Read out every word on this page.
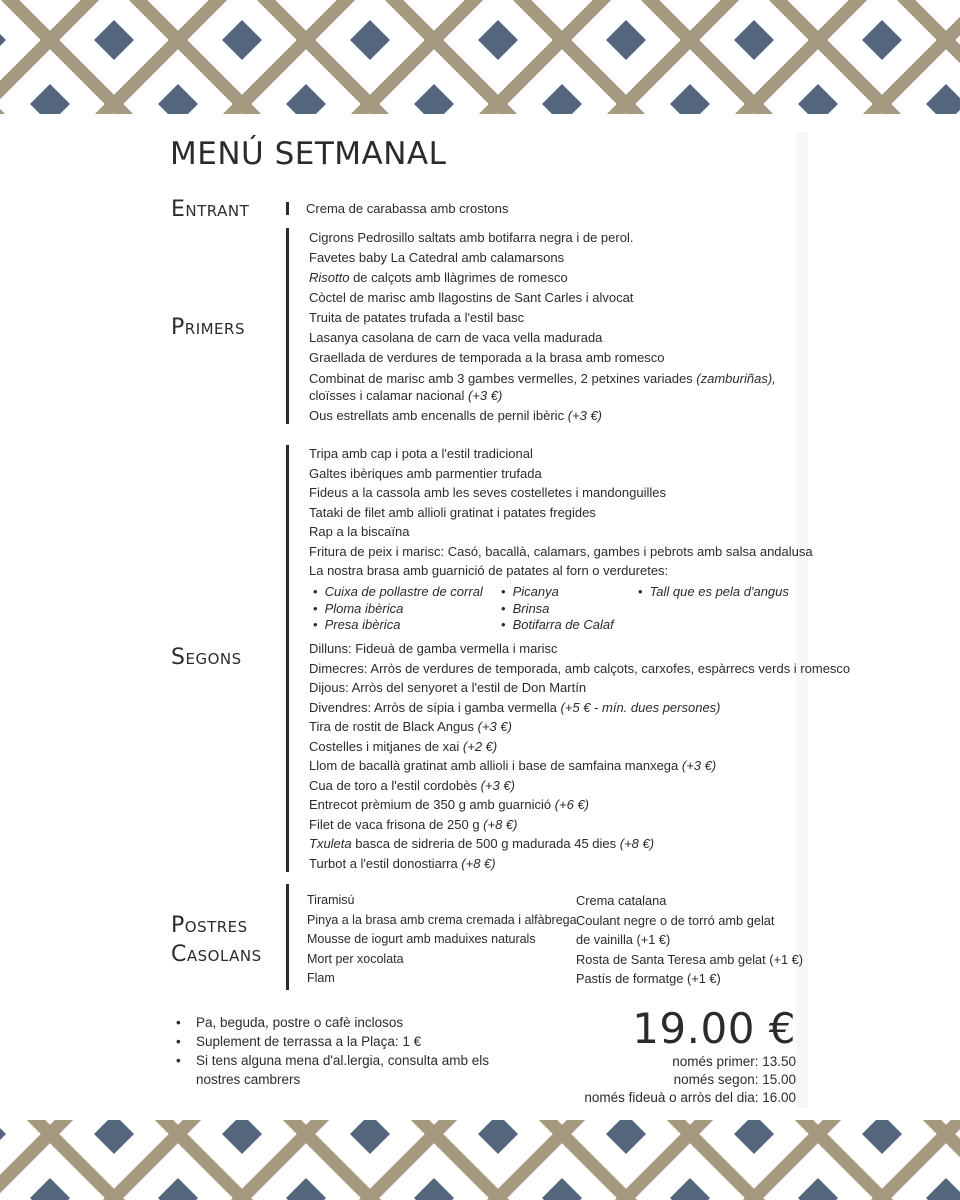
MENÚ SETMANAL
Entrant	Crema de carabassa amb crostons
Primers
Cigrons Pedrosillo saltats amb botifarra negra i de perol.
Favetes baby La Catedral amb calamarsons
Risotto de calçots amb llàgrimes de romesco
Còctel de marisc amb llagostins de Sant Carles i alvocat
Truita de patates trufada a l'estil basc
Lasanya casolana de carn de vaca vella madurada
Graellada de verdures de temporada a la brasa amb romesco
Combinat de marisc amb 3 gambes vermelles, 2 petxines variades (zamburiñas), cloïsses i calamar nacional (+3 €)
Ous estrellats amb encenalls de pernil ibèric (+3 €)
Segons
Tripa amb cap i pota a l'estil tradicional
Galtes ibèriques amb parmentier trufada
Fideus a la cassola amb les seves costelletes i mandonguilles
Tataki de filet amb allioli gratinat i patates fregides
Rap a la biscaïna
Fritura de peix i marisc: Casó, bacallà, calamars, gambes i pebrots amb salsa andalusa
La nostra brasa amb guarnició de patates al forn o verduretes:
• Cuixa de pollastre de corral
• Ploma ibèrica
• Presa ibèrica
• Picanya
• Brinsa
• Botifarra de Calaf
• Tall que es pela d'angus
Dilluns: Fideuà de gamba vermella i marisc
Dimecres: Arròs de verdures de temporada, amb calçots, carxofes, espàrrecs verds i romesco
Dijous: Arròs del senyoret a l'estil de Don Martín
Divendres: Arròs de sípia i gamba vermella (+5 € - mín. dues persones)
Tira de rostit de Black Angus (+3 €)
Costelles i mitjanes de xai (+2 €)
Llom de bacallà gratinat amb allioli i base de samfaina manxega (+3 €)
Cua de toro a l'estil cordobès (+3 €)
Entrecot prèmium de 350 g amb guarnició (+6 €)
Filet de vaca frisona de 250 g (+8 €)
Txuleta basca de sidreria de 500 g madurada 45 dies (+8 €)
Turbot a l'estil donostiarra (+8 €)
Postres
Casolans
Tiramisú
Pinya a la brasa amb crema cremada i alfàbrega
Mousse de iogurt amb maduixes naturals
Mort per xocolata
Flam
Crema catalana
Coulant negre o de torró amb gelat
de vainilla (+1 €)
Rosta de Santa Teresa amb gelat (+1 €)
Pastís de formatge (+1 €)
• Pa, beguda, postre o cafè inclosos
• Suplement de terrassa a la Plaça: 1 €
• Si tens alguna mena d'al.lergia, consulta amb els nostres cambrers
19.00 €
només primer: 13.50
només segon: 15.00
només fideuà o arròs del dia: 16.00
